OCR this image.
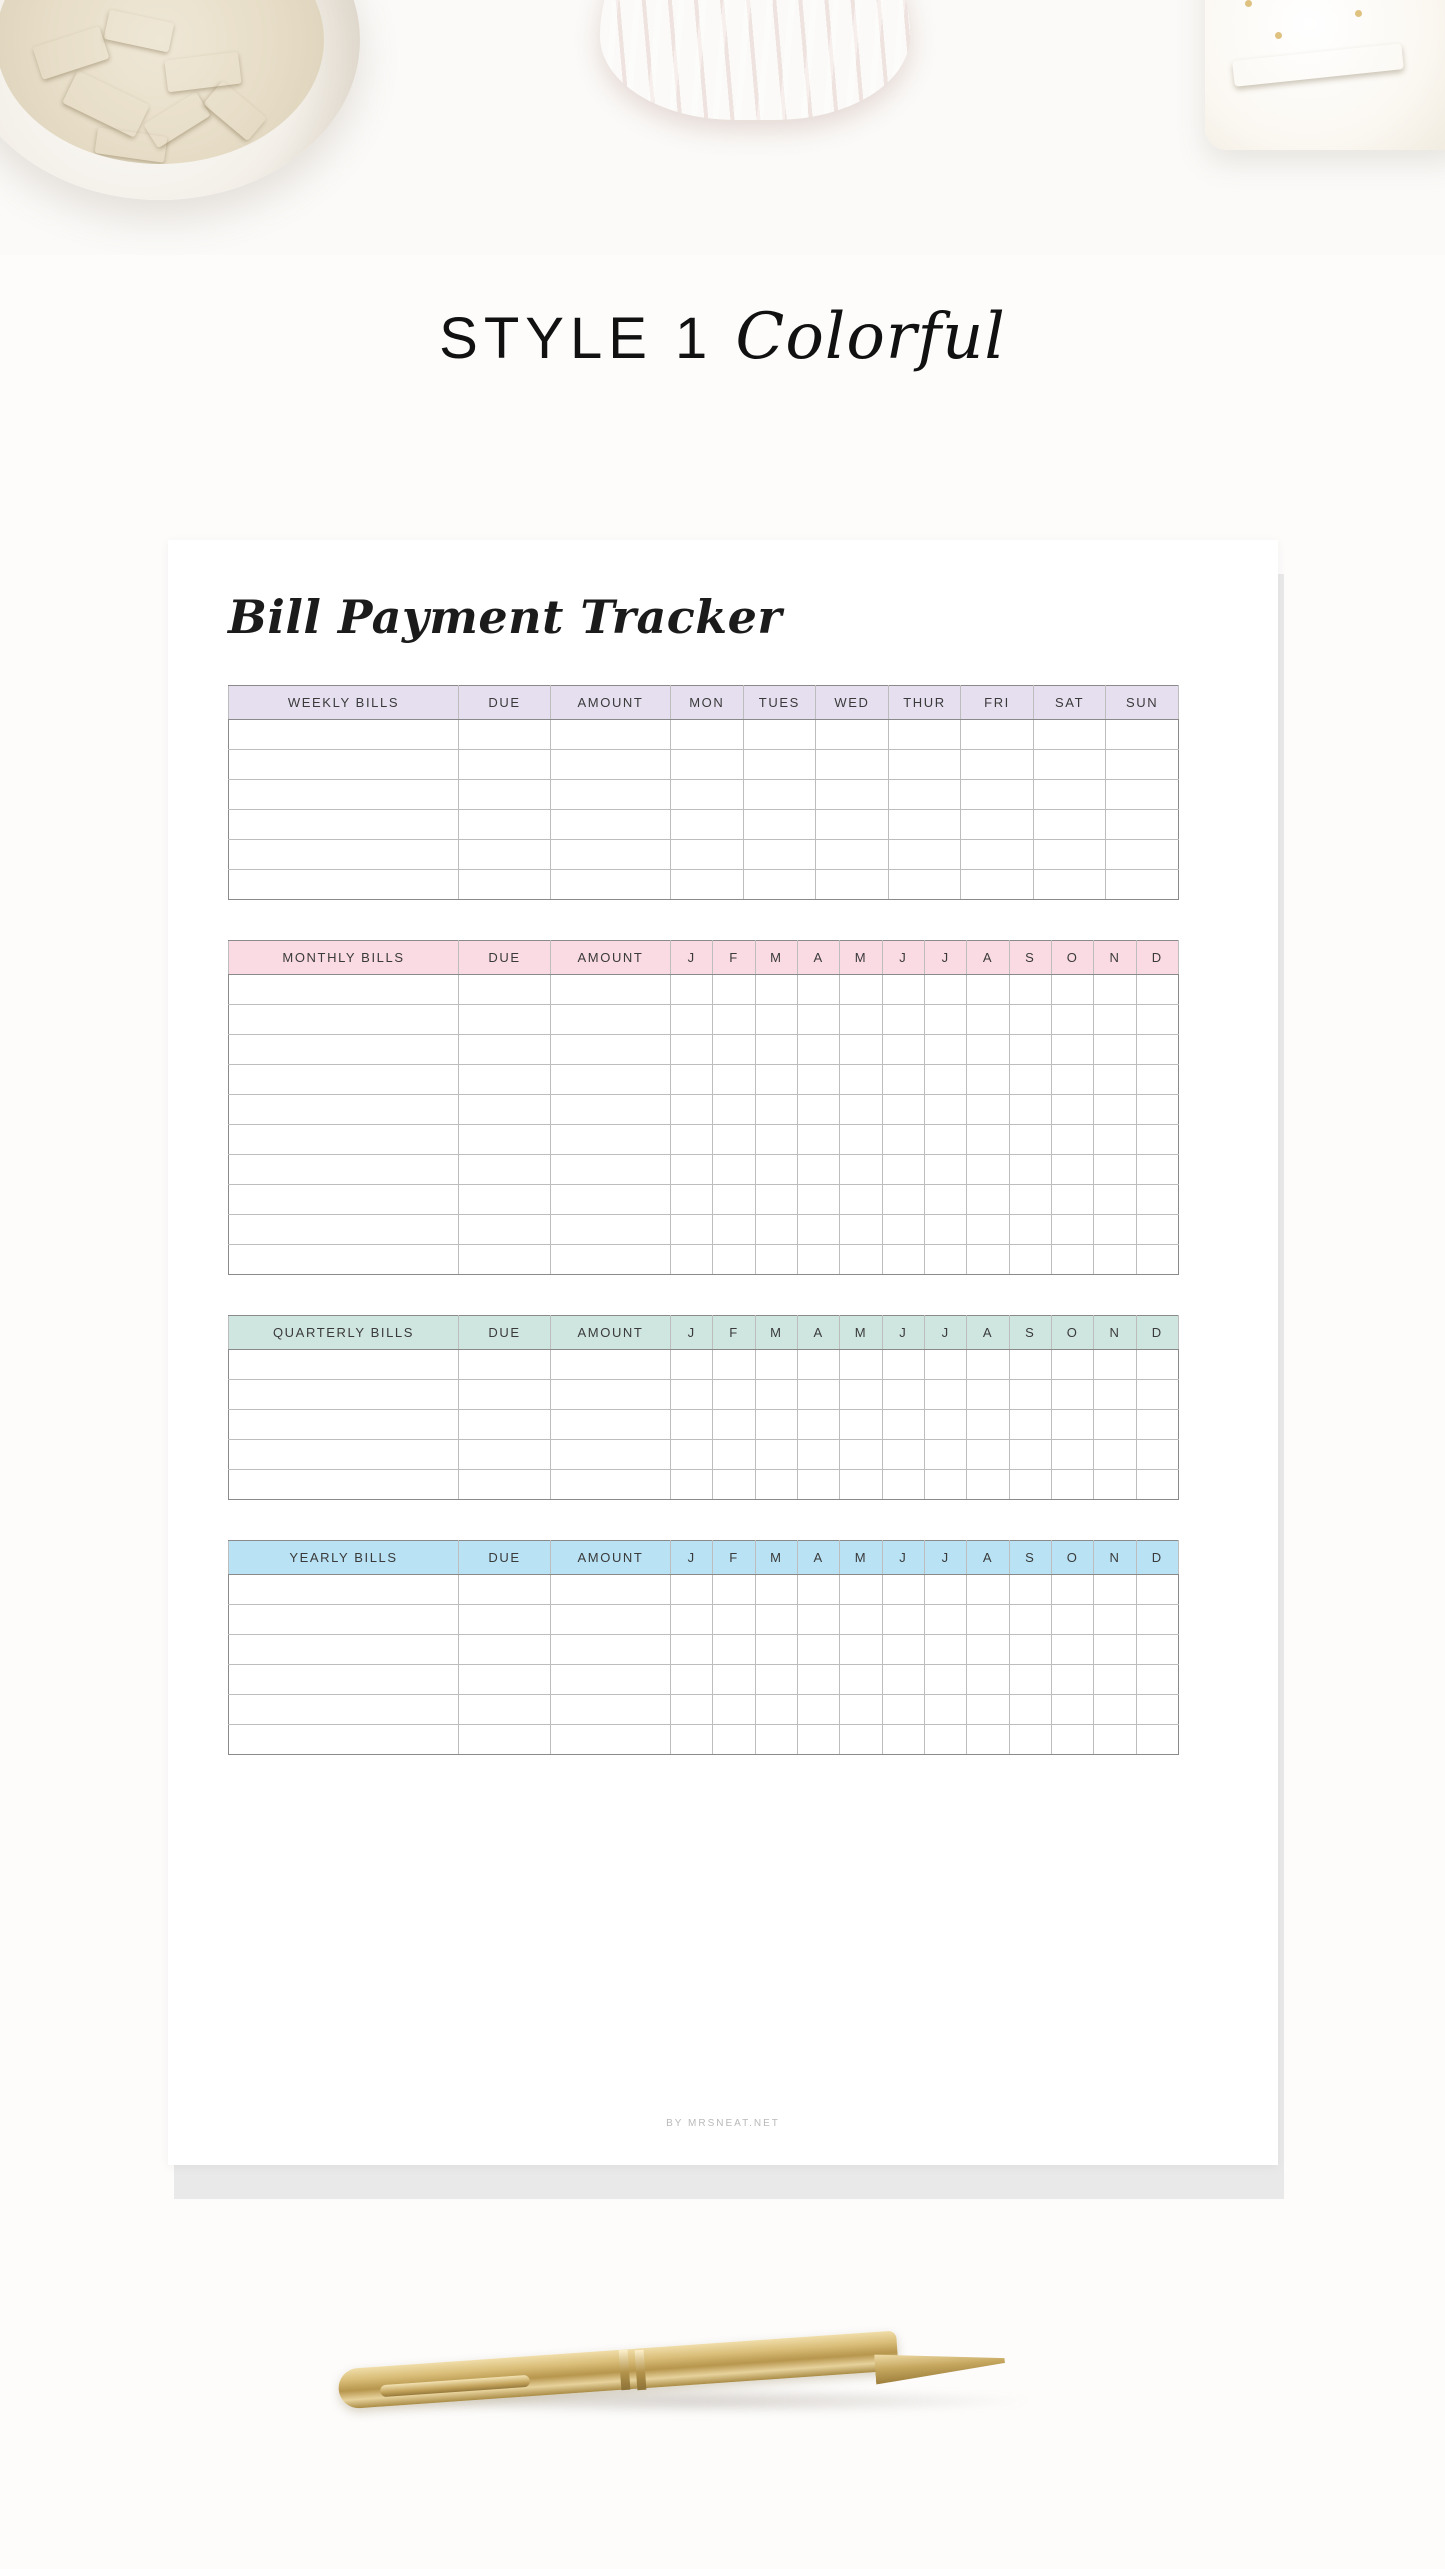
STYLE 1 Colorful
Bill Payment Tracker
WEEKLY BILLS	DUE	AMOUNT	MON	TUES	WED	THUR	FRI	SAT	SUN

MONTHLY BILLS	DUE	AMOUNT	J	F	M	A	M	J	J	A	S	O	N	D

QUARTERLY BILLS	DUE	AMOUNT	J	F	M	A	M	J	J	A	S	O	N	D

YEARLY BILLS	DUE	AMOUNT	J	F	M	A	M	J	J	A	S	O	N	D

BY MRSNEAT.NET
